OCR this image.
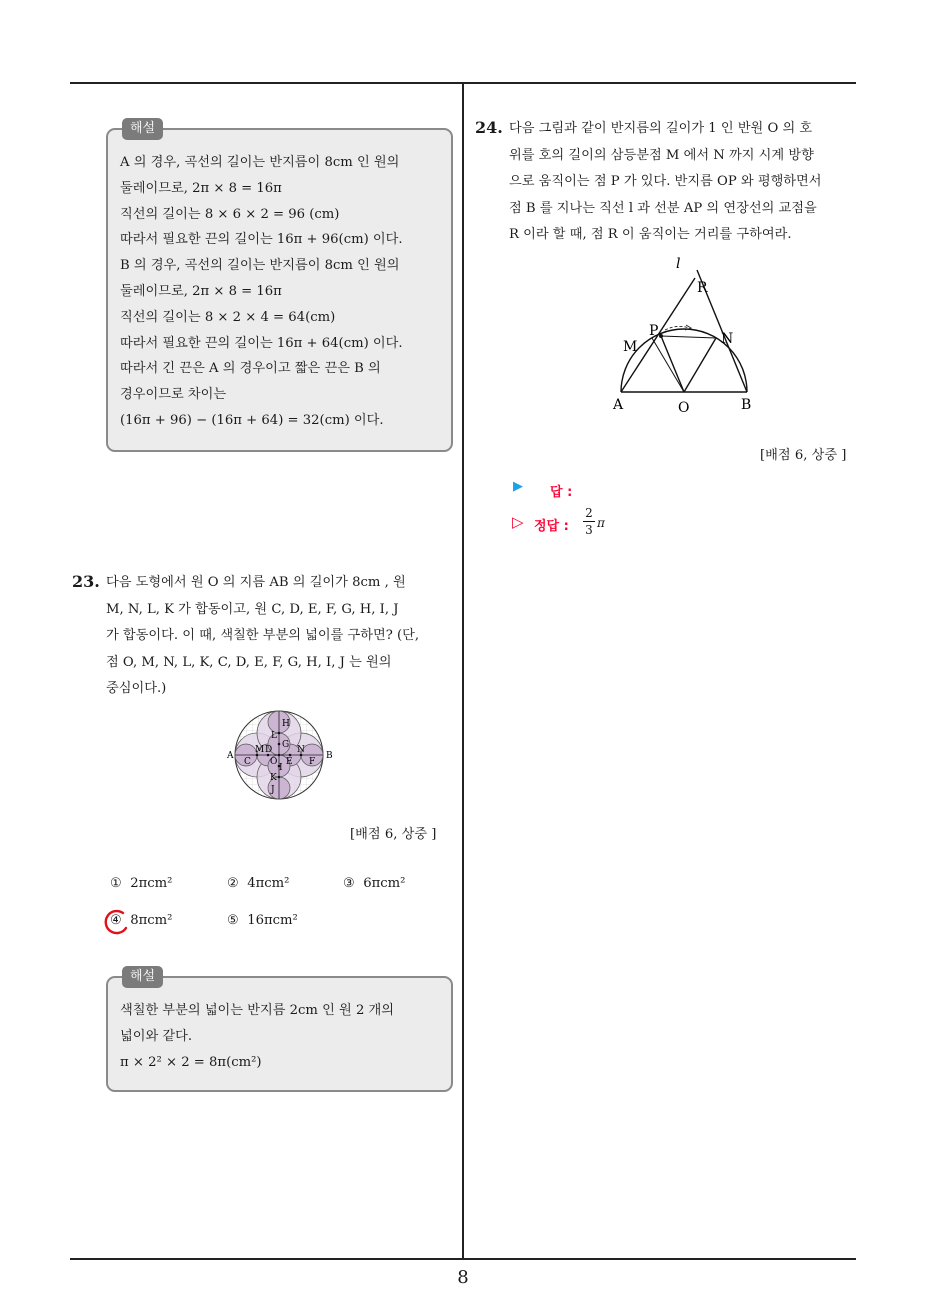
해설
A 의 경우, 곡선의 길이는 반지름이 8cm 인 원의
둘레이므로, 2π × 8 = 16π
직선의 길이는 8 × 6 × 2 = 96 (cm)
따라서 필요한 끈의 길이는 16π + 96(cm) 이다.
B 의 경우, 곡선의 길이는 반지름이 8cm 인 원의
둘레이므로, 2π × 8 = 16π
직선의 길이는 8 × 2 × 4 = 64(cm)
따라서 필요한 끈의 길이는 16π + 64(cm) 이다.
따라서 긴 끈은 A 의 경우이고 짧은 끈은 B 의
경우이므로 차이는
(16π + 96) − (16π + 64) = 32(cm) 이다.
23. 다음 도형에서 원 O 의 지름 AB 의 길이가 8cm , 원
M, N, L, K 가 합동이고, 원 C, D, E, F, G, H, I, J
가 합동이다. 이 때, 색칠한 부분의 넓이를 구하면? (단,
점 O, M, N, L, K, C, D, E, F, G, H, I, J 는 원의
중심이다.)
A	B
M D	N
F
C O E
H
L
G
I
K
J
[배점 6, 상중 ]
① 2πcm²	② 4πcm²	③ 6πcm²
④ 8πcm²	⑤ 16πcm²
해설
색칠한 부분의 넓이는 반지름 2cm 인 원 2 개의
넓이와 같다.
π × 2² × 2 = 8π(cm²)
24. 다음 그림과 같이 반지름의 길이가 1 인 반원 O 의 호
위를 호의 길이의 삼등분점 M 에서 N 까지 시계 방향
으로 움직이는 점 P 가 있다. 반지름 OP 와 평행하면서
점 B 를 지나는 직선 l 과 선분 AP 의 연장선의 교점을
R 이라 할 때, 점 R 이 움직이는 거리를 구하여라.
l
R
P
M	N
A	O	B
[배점 6, 상중 ]
▶ 답 :
▷ 정답 : $\frac{2}{3}$ π
8
